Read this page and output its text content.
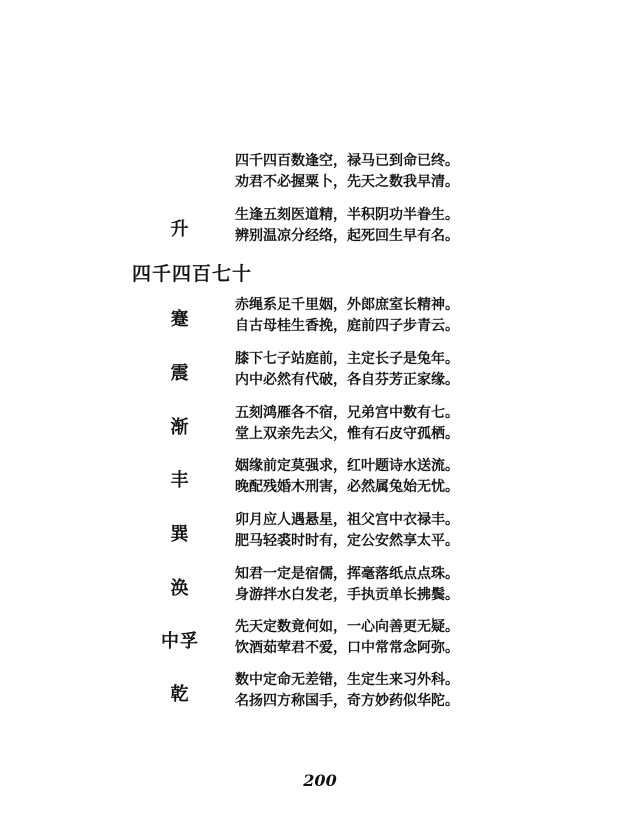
四千四百数逢空，禄马已到命已终。
劝君不必握粟卜，先天之数我早清。
升
生逢五刻医道精，半积阴功半眷生。
辨别温凉分经络，起死回生早有名。
四千四百七十
蹇
赤绳系足千里姻，外郎庶室长精神。
自古母桂生香挽，庭前四子步青云。
震
膝下七子站庭前，主定长子是兔年。
内中必然有代破，各自芬芳正家缘。
渐
五刻鸿雁各不宿，兄弟宫中数有七。
堂上双亲先去父，惟有石皮守孤栖。
丰
姻缘前定莫强求，红叶题诗水送流。
晚配残婚木刑害，必然属兔始无忧。
巽
卯月应人遇悬星，祖父宫中衣禄丰。
肥马轻裘时时有，定公安然享太平。
涣
知君一定是宿儒，挥毫落纸点点珠。
身游拌水白发老，手执贡单长拂鬓。
中孚
先天定数竟何如，一心向善更无疑。
饮酒茹荤君不爱，口中常常念阿弥。
乾
数中定命无差错，生定生来习外科。
名扬四方称国手，奇方妙药似华陀。
200
